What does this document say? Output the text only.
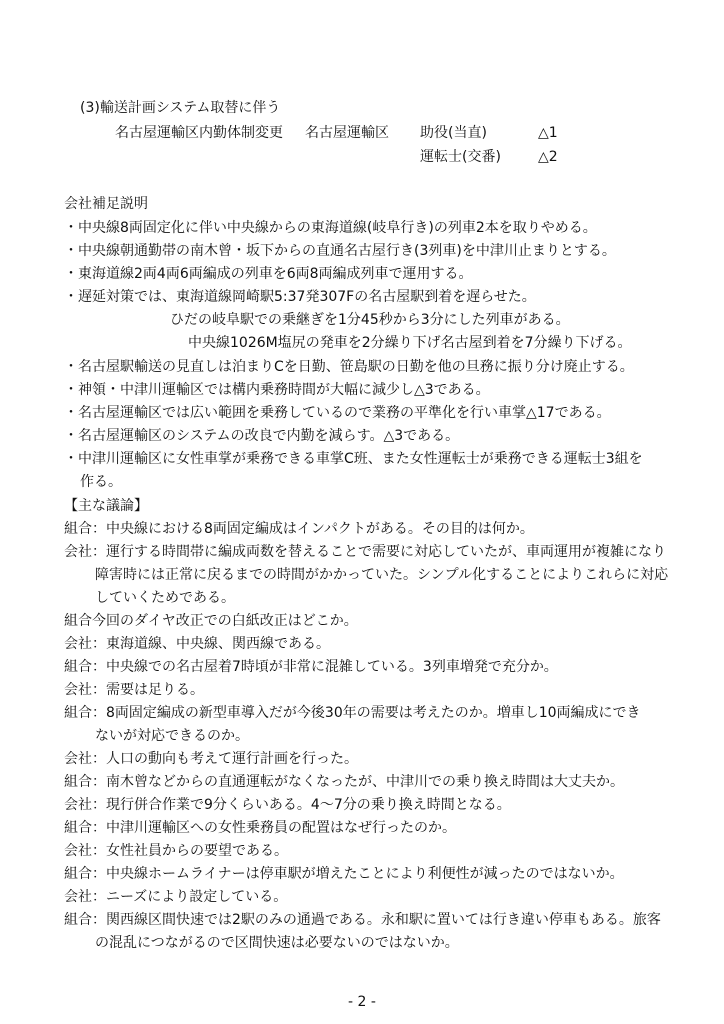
(3)輸送計画システム取替に伴う
名古屋運輸区内勤体制変更 名古屋運輸区 助役(当直)	△1
運転士(交番)	△2
会社補足説明
・中央線8両固定化に伴い中央線からの東海道線(岐阜行き)の列車2本を取りやめる。
・中央線朝通勤帯の南木曾・坂下からの直通名古屋行き(3列車)を中津川止まりとする。
・東海道線2両4両6両編成の列車を6両8両編成列車で運用する。
・遅延対策では、東海道線岡崎駅5:37発307Fの名古屋駅到着を遅らせた。
ひだの岐阜駅での乗継ぎを1分45秒から3分にした列車がある。
中央線1026M塩尻の発車を2分繰り下げ名古屋到着を7分繰り下げる。
・名古屋駅輸送の見直しは泊まりCを日勤、笹島駅の日勤を他の旦務に振り分け廃止する。
・神領・中津川運輸区では構内乗務時間が大幅に減少し△3である。
・名古屋運輸区では広い範囲を乗務しているので業務の平準化を行い車掌△17である。
・名古屋運輸区のシステムの改良で内勤を減らす。△3である。
・中津川運輸区に女性車掌が乗務できる車掌C班、また女性運転士が乗務できる運転士3組を
作る。
【主な議論】
組合：中央線における8両固定編成はインパクトがある。その目的は何か。
会社：運行する時間帯に編成両数を替えることで需要に対応していたが、車両運用が複雑になり
障害時には正常に戻るまでの時間がかかっていた。シンプル化することによりこれらに対応
していくためである。
組合今回のダイヤ改正での白紙改正はどこか。
会社：東海道線、中央線、関西線である。
組合：中央線での名古屋着7時頃が非常に混雑している。3列車増発で充分か。
会社：需要は足りる。
組合：8両固定編成の新型車導入だが今後30年の需要は考えたのか。増車し10両編成にでき
ないが対応できるのか。
会社：人口の動向も考えて運行計画を行った。
組合：南木曾などからの直通運転がなくなったが、中津川での乗り換え時間は大丈夫か。
会社：現行併合作業で9分くらいある。4～7分の乗り換え時間となる。
組合：中津川運輸区への女性乗務員の配置はなぜ行ったのか。
会社：女性社員からの要望である。
組合：中央線ホームライナーは停車駅が増えたことにより利便性が減ったのではないか。
会社：ニーズにより設定している。
組合：関西線区間快速では2駅のみの通過である。永和駅に置いては行き違い停車もある。旅客
の混乱につながるので区間快速は必要ないのではないか。
- 2 -
